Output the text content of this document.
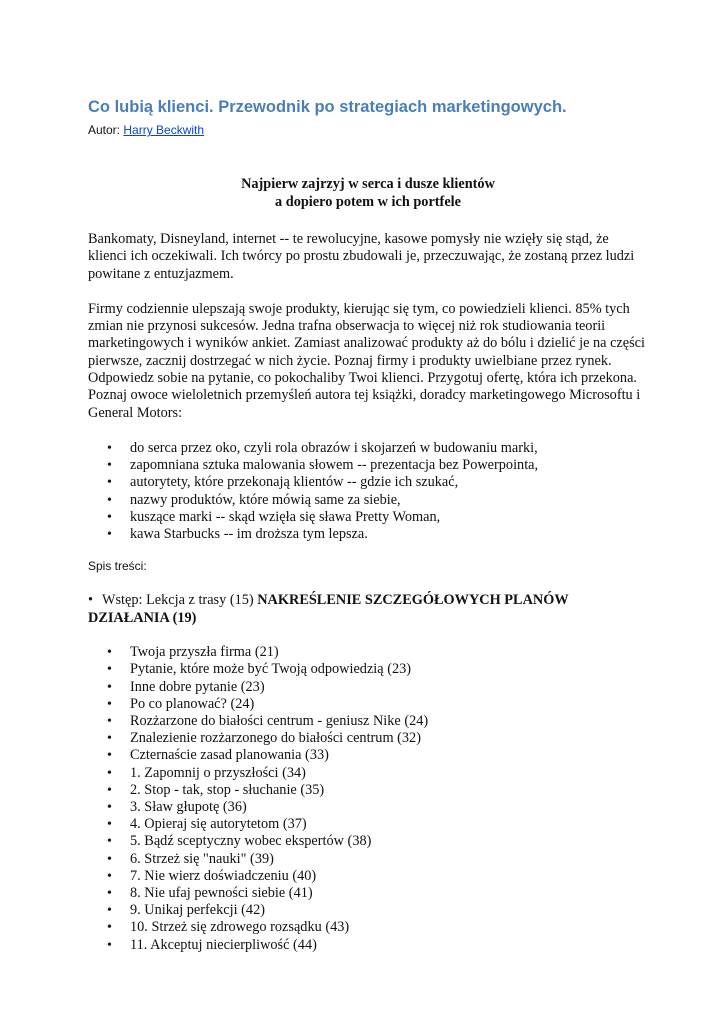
Co lubią klienci. Przewodnik po strategiach marketingowych.
Autor: Harry Beckwith
Najpierw zajrzyj w serca i dusze klientów
a dopiero potem w ich portfele

Bankomaty, Disneyland, internet -- te rewolucyjne, kasowe pomysły nie wzięły się stąd, że klienci ich oczekiwali. Ich twórcy po prostu zbudowali je, przeczuwając, że zostaną przez ludzi powitane z entuzjazmem.

Firmy codziennie ulepszają swoje produkty, kierując się tym, co powiedzieli klienci. 85% tych zmian nie przynosi sukcesów. Jedna trafna obserwacja to więcej niż rok studiowania teorii marketingowych i wyników ankiet. Zamiast analizować produkty aż do bólu i dzielić je na części pierwsze, zacznij dostrzegać w nich życie. Poznaj firmy i produkty uwielbiane przez rynek. Odpowiedz sobie na pytanie, co pokochaliby Twoi klienci. Przygotuj ofertę, która ich przekona. Poznaj owoce wieloletnich przemyśleń autora tej książki, doradcy marketingowego Microsoftu i General Motors:

• do serca przez oko, czyli rola obrazów i skojarzeń w budowaniu marki,
• zapomniana sztuka malowania słowem -- prezentacja bez Powerpointa,
• autorytety, które przekonają klientów -- gdzie ich szukać,
• nazwy produktów, które mówią same za siebie,
• kuszące marki -- skąd wzięła się sława Pretty Woman,
• kawa Starbucks -- im droższa tym lepsza.
Spis treści:
• Wstęp: Lekcja z trasy (15) NAKREŚLENIE SZCZEGÓŁOWYCH PLANÓW DZIAŁANIA (19)
• Twoja przyszła firma (21)
• Pytanie, które może być Twoją odpowiedzią (23)
• Inne dobre pytanie (23)
• Po co planować? (24)
• Rozżarzone do białości centrum - geniusz Nike (24)
• Znalezienie rozżarzonego do białości centrum (32)
• Czternaście zasad planowania (33)
• 1. Zapomnij o przyszłości (34)
• 2. Stop - tak, stop - słuchanie (35)
• 3. Sław głupotę (36)
• 4. Opieraj się autorytetom (37)
• 5. Bądź sceptyczny wobec ekspertów (38)
• 6. Strzeż się "nauki" (39)
• 7. Nie wierz doświadczeniu (40)
• 8. Nie ufaj pewności siebie (41)
• 9. Unikaj perfekcji (42)
• 10. Strzeż się zdrowego rozsądku (43)
• 11. Akceptuj niecierpliwość (44)
